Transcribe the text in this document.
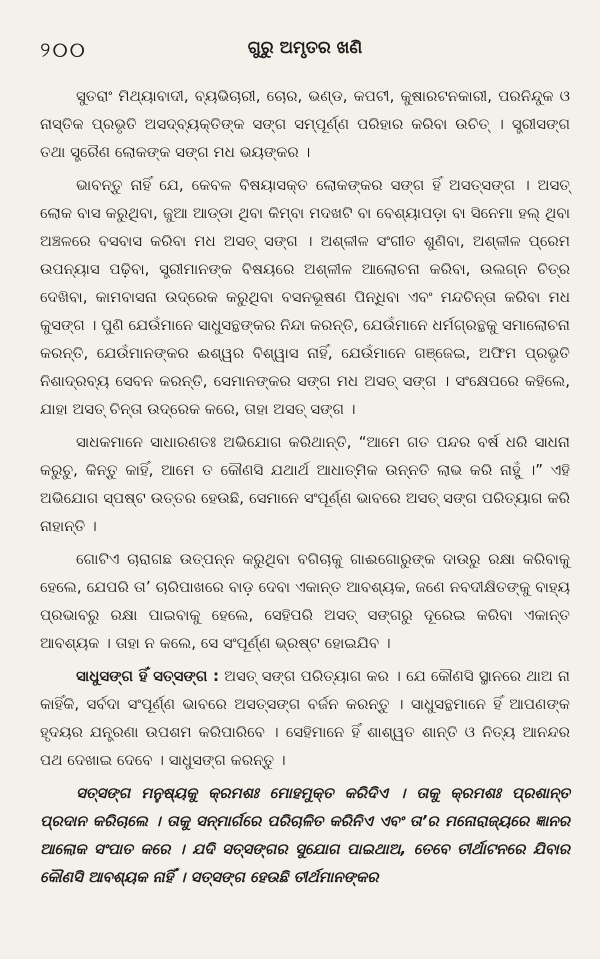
୨୦୦	ଗୁରୁ ଅମୃତର ଖଣି

ସୁତରାଂ ମିଥ୍ୟାବାଦୀ, ବ୍ୟଭିଚାରୀ, ଚୋର, ଭଣ୍ଡ, କପଟୀ, କୁଷାରଟନକାରୀ, ପରନିନ୍ଦୁକ ଓ ନାସ୍ତିକ ପ୍ରଭୃତି ଅସଦ୍‌ବ୍ୟକ୍ତିଙ୍କ ସଙ୍ଗ ସମ୍ପୂର୍ଣ୍ଣ ପରିହାର କରିବା ଉଚିତ୍ । ସ୍ତ୍ରୀସଙ୍ଗ ତଥା ସ୍ତ୍ରୈଣ ଲୋକଙ୍କ ସଙ୍ଗ ମଧ ଭୟଙ୍କର ।

ଭାବନ୍ତୁ ନାହିଁ ଯେ, କେବଳ ବିଷୟାସକ୍ତ ଲୋକଙ୍କର ସଙ୍ଗ ହିଁ ଅସତ୍‌ସଙ୍ଗ । ଅସତ୍ ଲୋକ ବାସ କରୁଥିବା, ଜୁଆ ଆଡ୍ଡା ଥିବା କିମ୍ବା ମଦଖଟି ବା ବେଶ୍ୟାପଡ଼ା ବା ସିନେମା ହଲ୍ ଥିବା ଅଞ୍ଚଳରେ ବସବାସ କରିବା ମଧ ଅସତ୍ ସଙ୍ଗ । ଅଶ୍ଳୀଳ ସଂଗୀତ ଶୁଣିବା, ଅଶ୍ଳୀଳ ପ୍ରେମ ଉପନ୍ୟାସ ପଢ଼ିବା, ସ୍ତ୍ରୀମାନଙ୍କ ବିଷୟରେ ଅଶ୍ଳୀଳ ଆଲୋଚନା କରିବା, ଉଲଗ୍ନ ଚିତ୍ର ଦେଖିବା, କାମବାସନା ଉଦ୍ରେକ କରୁଥିବା ବସନଭୂଷଣ ପିନ୍ଧିବା ଏବଂ ମନ୍ଦଚିନ୍ତା କରିବା ମଧ କୁସଙ୍ଗ । ପୁଣି ଯେଉଁମାନେ ସାଧୁସନ୍ଥଙ୍କର ନିନ୍ଦା କରନ୍ତି, ଯେଉଁମାନେ ଧର୍ମଗ୍ରନ୍ଥକୁ ସମାଲୋଚନା କରନ୍ତି, ଯେଉଁମାନଙ୍କର ଈଶ୍ୱର ବିଶ୍ୱାସ ନାହିଁ, ଯେଉଁମାନେ ଗଞ୍ଜେଇ, ଅଫିମ ପ୍ରଭୃତି ନିଶାଦ୍ରବ୍ୟ ସେବନ କରନ୍ତି, ସେମାନଙ୍କର ସଙ୍ଗ ମଧ ଅସତ୍ ସଙ୍ଗ । ସଂକ୍ଷେପରେ କହିଲେ, ଯାହା ଅସତ୍ ଚିନ୍ତା ଉଦ୍ରେକ କରେ, ତାହା ଅସତ୍ ସଙ୍ଗ ।

ସାଧକମାନେ ସାଧାରଣତଃ ଅଭିଯୋଗ କରିଥାନ୍ତି, “ଆମେ ଗତ ପନ୍ଦର ବର୍ଷ ଧରି ସାଧନା କରୁଚୁ, କିନ୍ତୁ କାହିଁ, ଆମେ ତ କୌଣସି ଯଥାର୍ଥ ଆଧାତ୍ମିକ ଉନ୍ନତି ଲାଭ କରି ନାହୁଁ ।” ଏହି ଅଭିଯୋଗ ସ୍ପଷ୍ଟ ଉତ୍ତର ହେଉଛି, ସେମାନେ ସଂପୂର୍ଣ୍ଣ ଭାବରେ ଅସତ୍ ସଙ୍ଗ ପରିତ୍ୟାଗ କରି ନାହାନ୍ତି ।

ଗୋଟିଏ ଚାରାଗଛ ଉତ୍ପନ୍ନ କରୁଥିବା ବଗିଚାକୁ ଗାଈଗୋରୁଙ୍କ ଦାଉରୁ ରକ୍ଷା କରିବାକୁ ହେଲେ, ଯେପରି ତା’ ଚାରିପାଖରେ ବାଡ଼ ଦେବା ଏକାନ୍ତ ଆବଶ୍ୟକ, ଜଣେ ନବଦୀକ୍ଷିତଙ୍କୁ ବାହ୍ୟ ପ୍ରଭାବରୁ ରକ୍ଷା ପାଇବାକୁ ହେଲେ, ସେହିପରି ଅସତ୍ ସଙ୍ଗରୁ ଦୂରେଇ କରିବା ଏକାନ୍ତ ଆବଶ୍ୟକ । ତାହା ନ କଲେ, ସେ ସଂପୂର୍ଣ୍ଣ ଭ୍ରଷ୍ଟ ହୋଇଯିବ ।

ସାଧୁସଙ୍ଗ ହିଁ ସତ୍‌ସଙ୍ଗ : ଅସତ୍ ସଙ୍ଗ ପରିତ୍ୟାଗ କର । ଯେ କୌଣସି ସ୍ଥାନରେ ଥାଅ ନା କାହିଁକି, ସର୍ବଦା ସଂପୂର୍ଣ୍ଣ ଭାବରେ ଅସତ୍‌ସଙ୍ଗ ବର୍ଜନ କରନ୍ତୁ । ସାଧୁସନ୍ଥମାନେ ହିଁ ଆପଣଙ୍କ ହୃଦୟର ଯନ୍ତ୍ରଣା ଉପଶମ କରିପାରିବେ । ସେହିମାନେ ହିଁ ଶାଶ୍ୱତ ଶାନ୍ତି ଓ ନିତ୍ୟ ଆନନ୍ଦର ପଥ ଦେଖାଇ ଦେବେ । ସାଧୁସଙ୍ଗ କରନ୍ତୁ ।

ସତ୍‌ସଙ୍ଗ ମନୁଷ୍ୟକୁ କ୍ରମଶଃ ମୋହମୁକ୍ତ କରିଦିଏ । ତାକୁ କ୍ରମଶଃ ପ୍ରଶାନ୍ତ ପ୍ରଦାନ କରିଚାଲେ । ତାକୁ ସନ୍ମାର୍ଗରେ ପରିଚାଳିତ କରିନିଏ ଏବଂ ତା’ର ମନୋରାଜ୍ୟରେ ଜ୍ଞାନର ଆଲୋକ ସଂପାତ କରେ । ଯଦି ସତ୍‌ସଙ୍ଗର ସୁଯୋଗ ପାଇଥାଅ, ତେବେ ତୀର୍ଥାଟନରେ ଯିବାର କୌଣସି ଆବଶ୍ୟକ ନାହିଁ । ସତ୍‌ସଙ୍ଗ ହେଉଛି ତୀର୍ଥମାନଙ୍କର
